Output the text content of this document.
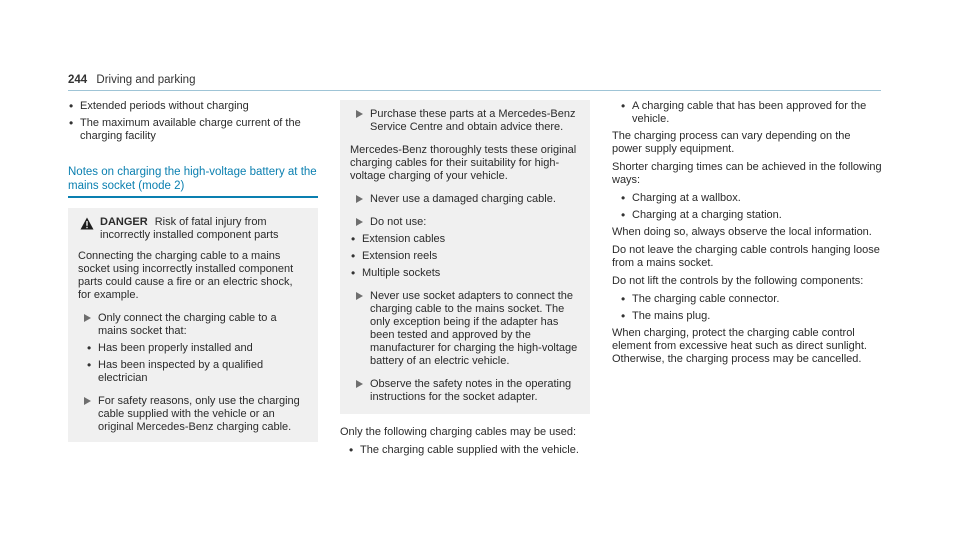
244 Driving and parking
• Extended periods without charging
• The maximum available charge current of the charging facility
Notes on charging the high-voltage battery at the mains socket (mode 2)
DANGER Risk of fatal injury from incorrectly installed component parts

Connecting the charging cable to a mains socket using incorrectly installed component parts could cause a fire or an electric shock, for example.

Only connect the charging cable to a mains socket that:
• Has been properly installed and
• Has been inspected by a qualified electrician
For safety reasons, only use the charging cable supplied with the vehicle or an original Mercedes-Benz charging cable.
Purchase these parts at a Mercedes-Benz Service Centre and obtain advice there.

Mercedes-Benz thoroughly tests these original charging cables for their suitability for high-voltage charging of your vehicle.

Never use a damaged charging cable.
Do not use:
• Extension cables
• Extension reels
• Multiple sockets
Never use socket adapters to connect the charging cable to the mains socket. The only exception being if the adapter has been tested and approved by the manufacturer for charging the high-voltage battery of an electric vehicle.
Observe the safety notes in the operating instructions for the socket adapter.

Only the following charging cables may be used:

• The charging cable supplied with the vehicle.
• A charging cable that has been approved for the vehicle.

The charging process can vary depending on the power supply equipment.

Shorter charging times can be achieved in the following ways:

• Charging at a wallbox.
• Charging at a charging station.

When doing so, always observe the local information.

Do not leave the charging cable controls hanging loose from a mains socket.

Do not lift the controls by the following components:

• The charging cable connector.
• The mains plug.

When charging, protect the charging cable control element from excessive heat such as direct sunlight. Otherwise, the charging process may be cancelled.
